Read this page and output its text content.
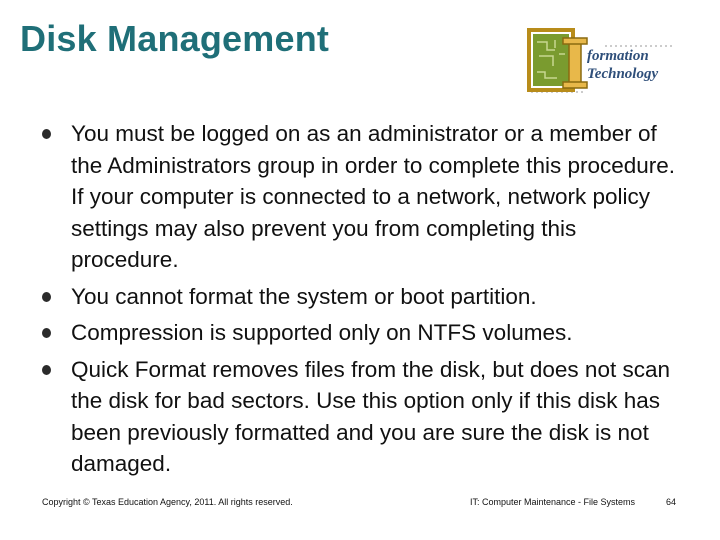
Disk Management	formation
Technology
You must be logged on as an administrator or a member of the Administrators group in order to complete this procedure. If your computer is connected to a network, network policy settings may also prevent you from completing this procedure.
You cannot format the system or boot partition.
Compression is supported only on NTFS volumes.
Quick Format removes files from the disk, but does not scan the disk for bad sectors. Use this option only if this disk has been previously formatted and you are sure the disk is not damaged.
Copyright © Texas Education Agency, 2011. All rights reserved.	IT: Computer Maintenance - File Systems	64
